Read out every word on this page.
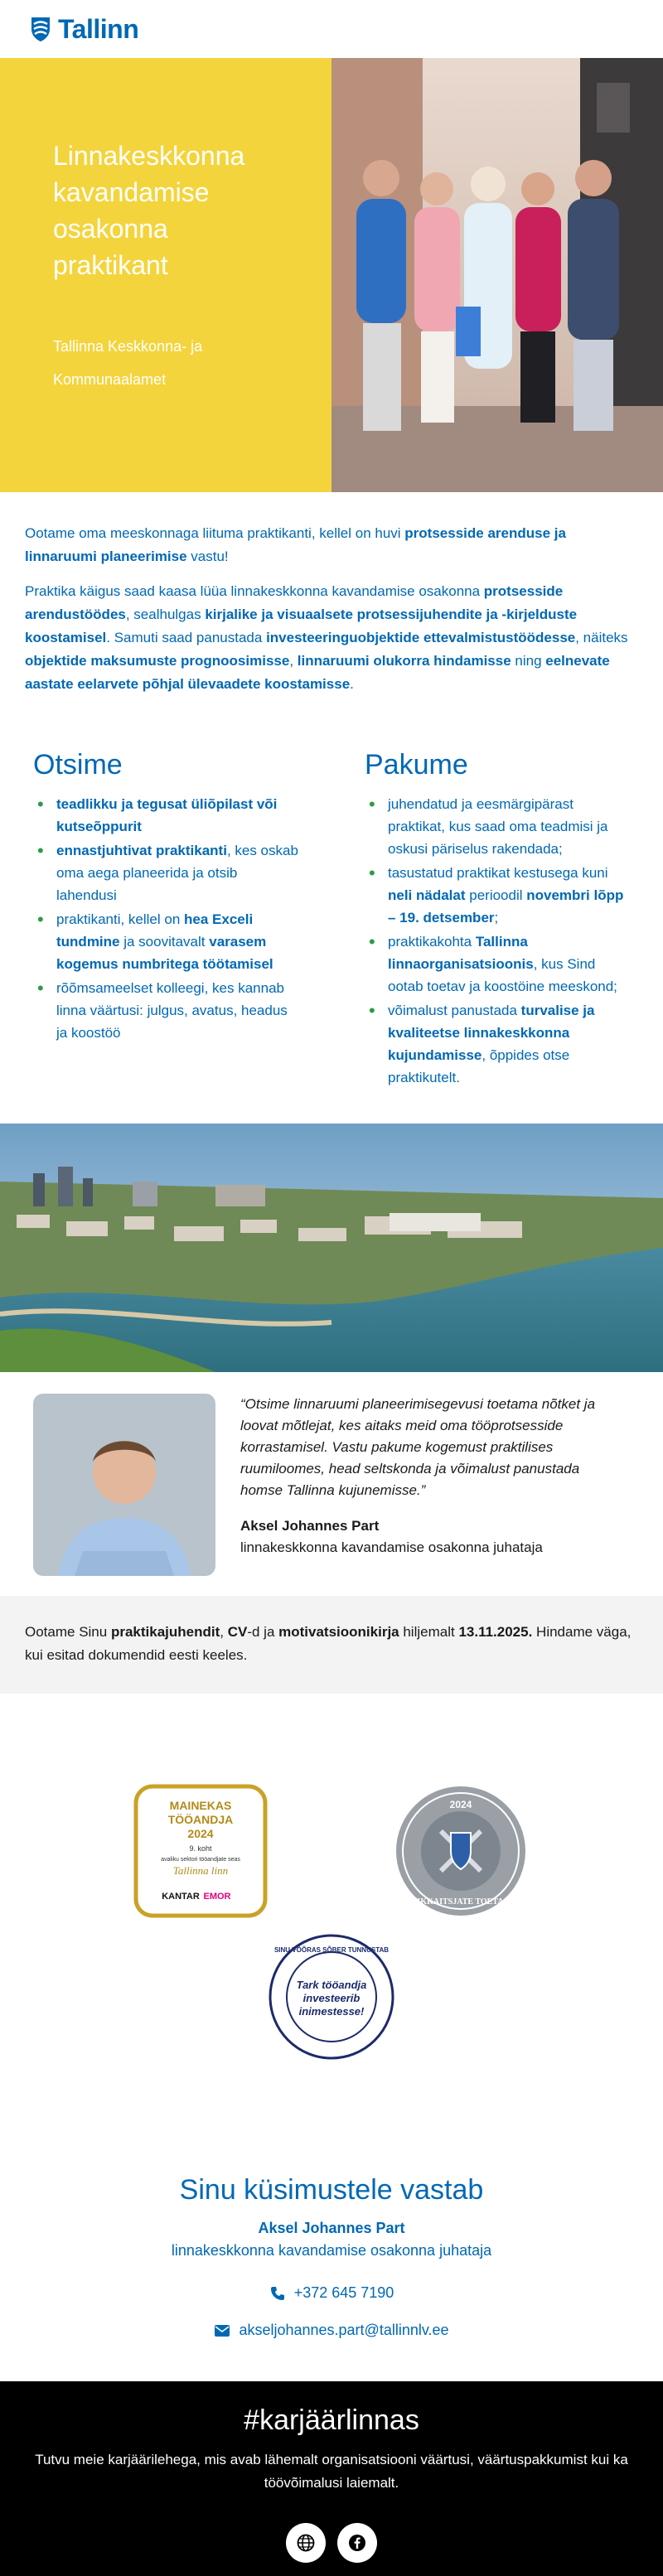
Tallinn
Linnakeskkonna
kavandamise
osakonna
praktikant
Tallinna Keskkonna- ja
Kommunaalamet

Ootame oma meeskonnaga liituma praktikanti, kellel on huvi protsesside arenduse ja linnaruumi planeerimise vastu!

Praktika käigus saad kaasa lüüa linnakeskkonna kavandamise osakonna protsesside arendustöödes, sealhulgas kirjalike ja visuaalsete protsessijuhendite ja -kirjelduste koostamisel. Samuti saad panustada investeeringuobjektide ettevalmistustöödesse, näiteks objektide maksumuste prognoosimisse, linnaruumi olukorra hindamisse ning eelnevate aastate eelarvete põhjal ülevaadete koostamisse.

Otsime
• teadlikku ja tegusat üliõpilast või kutseõppurit
• ennastjuhtivat praktikanti, kes oskab oma aega planeerida ja otsib lahendusi
• praktikanti, kellel on hea Exceli tundmine ja soovitavalt varasem kogemus numbritega töötamisel
• rõõmsameelset kolleegi, kes kannab linna väärtusi: julgus, avatus, headus ja koostöö
Pakume
• juhendatud ja eesmärgipärast praktikat, kus saad oma teadmisi ja oskusi päriselus rakendada;
• tasustatud praktikat kestusega kuni neli nädalat perioodil novembri lõpp – 19. detsember;
• praktikakohta Tallinna linnaorganisatsioonis, kus Sind ootab toetav ja koostöine meeskond;
• võimalust panustada turvalise ja kvaliteetse linnakeskkonna kujundamisse, õppides otse praktikutelt.

“Otsime linnaruumi planeerimisegevusi toetama nõtket ja loovat mõtlejat, kes aitaks meid oma tööprotsesside korrastamisel. Vastu pakume kogemust praktilises ruumiloomes, head seltskonda ja võimalust panustada homse Tallinna kujunemisse.”

Aksel Johannes Part

linnakeskkonna kavandamise osakonna juhataja

Ootame Sinu praktikajuhendit, CV-d ja motivatsioonikirja hiljemalt 13.11.2025. Hindame väga, kui esitad dokumendid eesti keeles.

MAINEKAS
TÖÖANDJA
2024
9. koht
avaliku sektori tööandjate seas
Tallinna linn
KANTAR EMOR
2024
RIIKKAITSJATE TOETAJA
SINU VÕÕRAS SÕBER TUNNUSTAB
Tark tööandja
investeerib
inimestesse!
Sinu küsimustele vastab
Aksel Johannes Part
linnakeskkonna kavandamise osakonna juhataja
+372 645 7190
akseljohannes.part@tallinnlv.ee
#karjäärlinnas

Tutvu meie karjäärilehega, mis avab lähemalt organisatsiooni väärtusi, väärtuspakkumist kui ka töövõimalusi laiemalt.
